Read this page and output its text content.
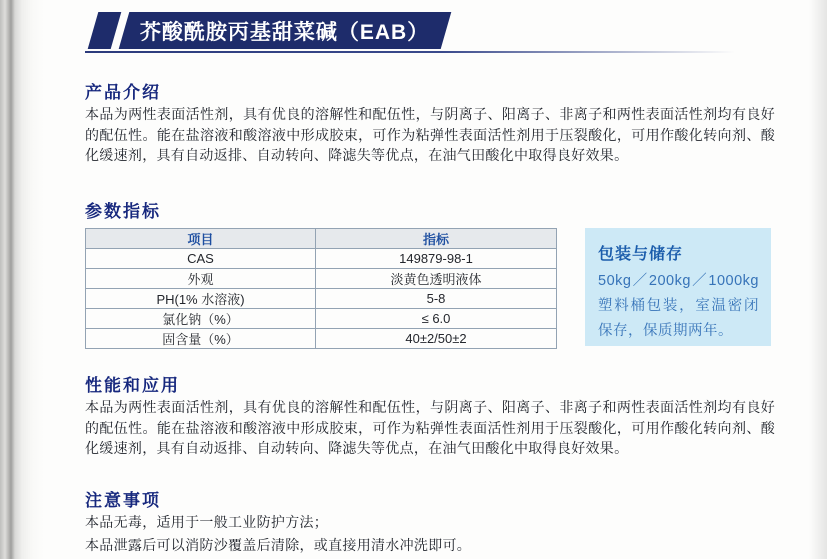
芥酸酰胺丙基甜菜碱（EAB）
产品介绍

本品为两性表面活性剂，具有优良的溶解性和配伍性，与阴离子、阳离子、非离子和两性表面活性剂均有良好的配伍性。能在盐溶液和酸溶液中形成胶束，可作为粘弹性表面活性剂用于压裂酸化，可用作酸化转向剂、酸化缓速剂，具有自动返排、自动转向、降滤失等优点，在油气田酸化中取得良好效果。

参数指标
项目	指标
CAS	149879-98-1
外观	淡黄色透明液体
PH(1% 水溶液)	5-8
氯化钠（%）	≤ 6.0
固含量（%）	40±2/50±2
包装与储存
50kg／200kg／1000kg塑料桶包装，室温密闭保存，保质期两年。
性能和应用

本品为两性表面活性剂，具有优良的溶解性和配伍性，与阴离子、阳离子、非离子和两性表面活性剂均有良好的配伍性。能在盐溶液和酸溶液中形成胶束，可作为粘弹性表面活性剂用于压裂酸化，可用作酸化转向剂、酸化缓速剂，具有自动返排、自动转向、降滤失等优点，在油气田酸化中取得良好效果。

注意事项
本品无毒，适用于一般工业防护方法；
本品泄露后可以消防沙覆盖后清除，或直接用清水冲洗即可。
